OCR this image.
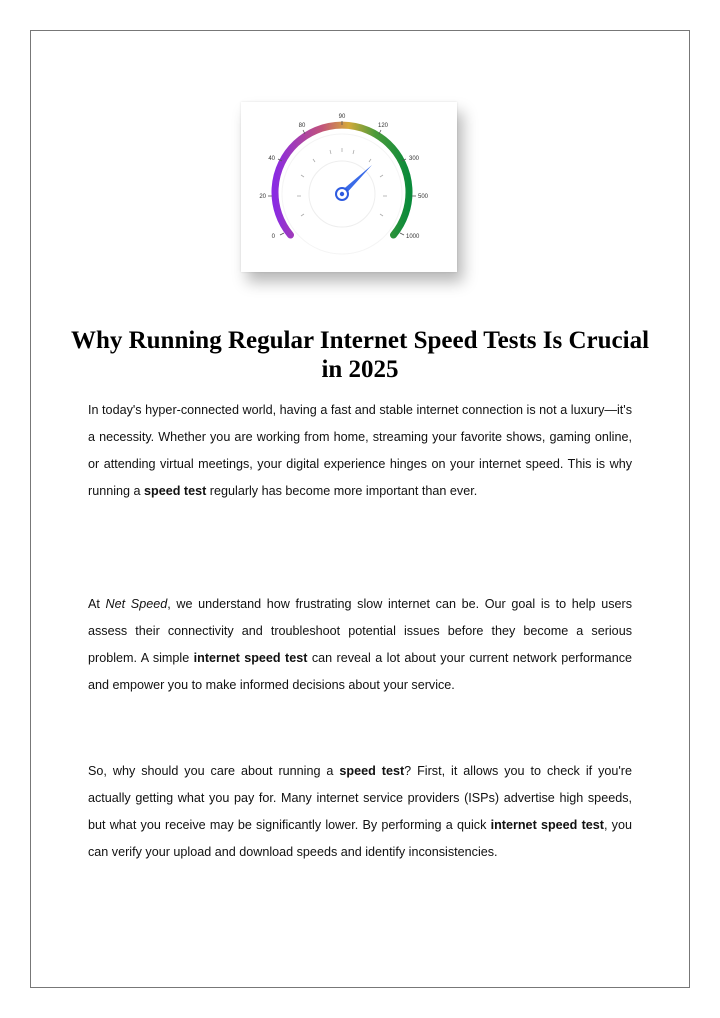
0
20
40
80
90
120
300
500
1000
Why Running Regular Internet Speed Tests Is Crucial in 2025

In today's hyper-connected world, having a fast and stable internet connection is not a luxury—it's a necessity. Whether you are working from home, streaming your favorite shows, gaming online, or attending virtual meetings, your digital experience hinges on your internet speed. This is why running a speed test regularly has become more important than ever.

At Net Speed, we understand how frustrating slow internet can be. Our goal is to help users assess their connectivity and troubleshoot potential issues before they become a serious problem. A simple internet speed test can reveal a lot about your current network performance and empower you to make informed decisions about your service.

So, why should you care about running a speed test? First, it allows you to check if you're actually getting what you pay for. Many internet service providers (ISPs) advertise high speeds, but what you receive may be significantly lower. By performing a quick internet speed test, you can verify your upload and download speeds and identify inconsistencies.
